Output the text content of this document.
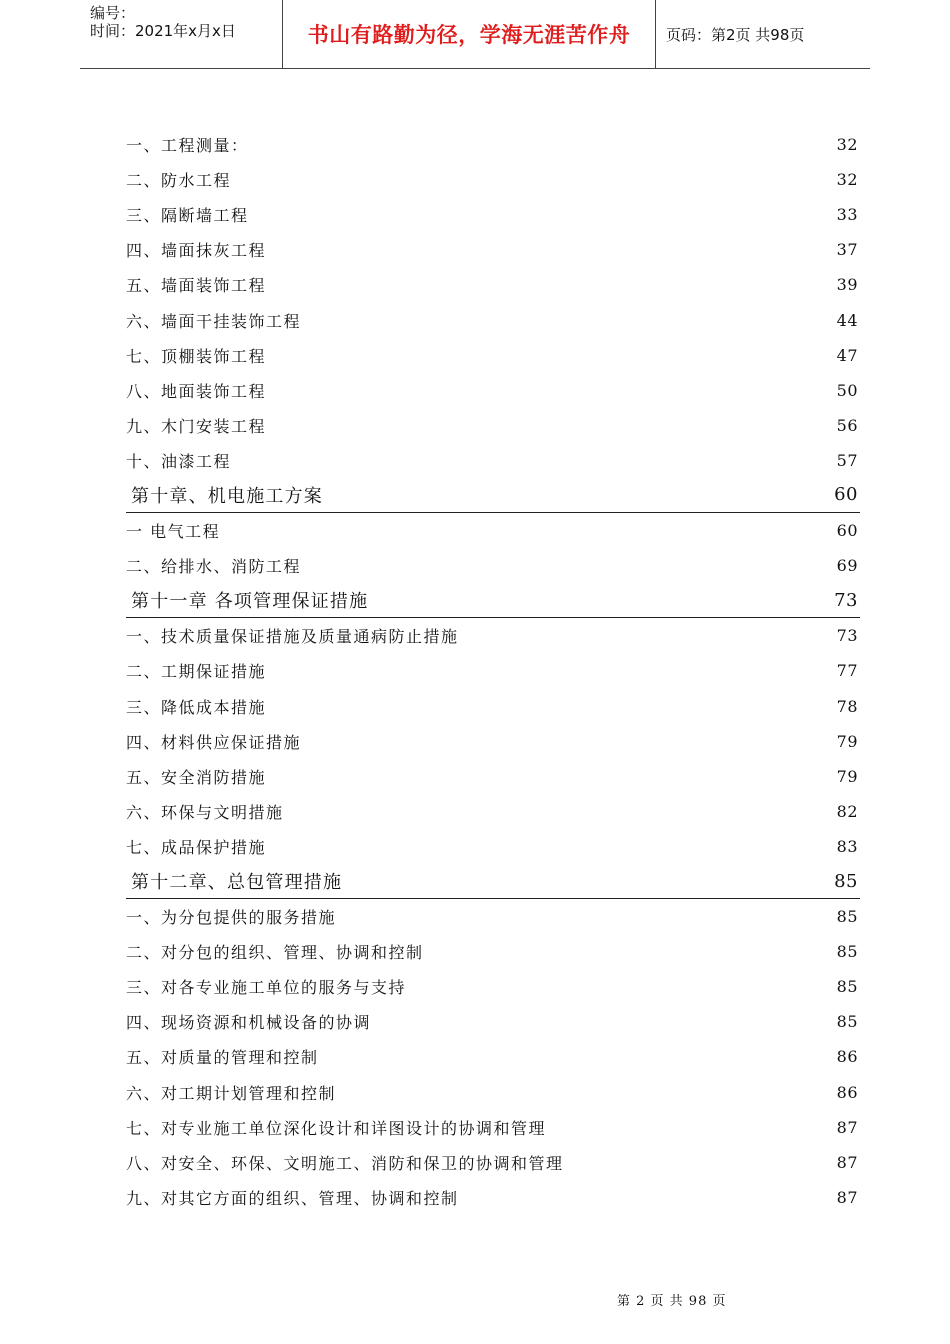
编号：
时间：2021年x月x日	书山有路勤为径，学海无涯苦作舟	页码：第2页 共98页
一、工程测量：	32
二、防水工程	32
三、隔断墙工程	33
四、墙面抹灰工程	37
五、墙面装饰工程	39
六、墙面干挂装饰工程	44
七、顶棚装饰工程	47
八、地面装饰工程	50
九、木门安装工程	56
十、油漆工程	57
第十章、机电施工方案	60
一 电气工程	60
二、给排水、消防工程	69
第十一章 各项管理保证措施	73
一、技术质量保证措施及质量通病防止措施	73
二、工期保证措施	77
三、降低成本措施	78
四、材料供应保证措施	79
五、安全消防措施	79
六、环保与文明措施	82
七、成品保护措施	83
第十二章、总包管理措施	85
一、为分包提供的服务措施	85
二、对分包的组织、管理、协调和控制	85
三、对各专业施工单位的服务与支持	85
四、现场资源和机械设备的协调	85
五、对质量的管理和控制	86
六、对工期计划管理和控制	86
七、对专业施工单位深化设计和详图设计的协调和管理	87
八、对安全、环保、文明施工、消防和保卫的协调和管理	87
九、对其它方面的组织、管理、协调和控制	87
第 2 页 共 98 页
